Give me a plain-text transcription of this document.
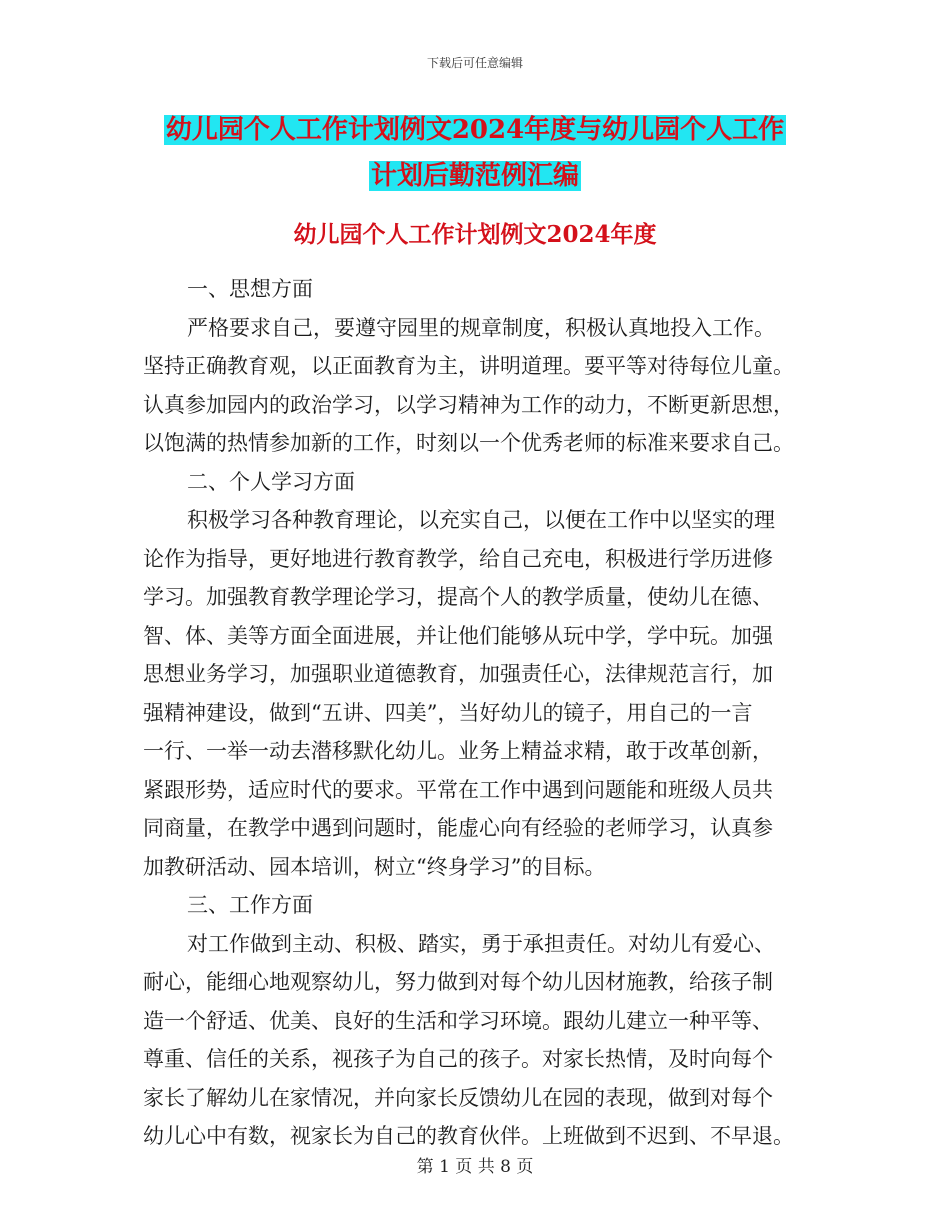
下载后可任意编辑
幼儿园个人工作计划例文2024年度与幼儿园个人工作
计划后勤范例汇编
幼儿园个人工作计划例文2024年度
一、思想方面
严格要求自己，要遵守园里的规章制度，积极认真地投入工作。
坚持正确教育观，以正面教育为主，讲明道理。要平等对待每位儿童。
认真参加园内的政治学习，以学习精神为工作的动力，不断更新思想，
以饱满的热情参加新的工作，时刻以一个优秀老师的标准来要求自己。
二、个人学习方面
积极学习各种教育理论，以充实自己，以便在工作中以坚实的理
论作为指导，更好地进行教育教学，给自己充电，积极进行学历进修
学习。加强教育教学理论学习，提高个人的教学质量，使幼儿在德、
智、体、美等方面全面进展，并让他们能够从玩中学，学中玩。加强
思想业务学习，加强职业道德教育，加强责任心，法律规范言行，加
强精神建设，做到“五讲、四美”，当好幼儿的镜子，用自己的一言
一行、一举一动去潜移默化幼儿。业务上精益求精，敢于改革创新，
紧跟形势，适应时代的要求。平常在工作中遇到问题能和班级人员共
同商量，在教学中遇到问题时，能虚心向有经验的老师学习，认真参
加教研活动、园本培训，树立“终身学习”的目标。
三、工作方面
对工作做到主动、积极、踏实，勇于承担责任。对幼儿有爱心、
耐心，能细心地观察幼儿，努力做到对每个幼儿因材施教，给孩子制
造一个舒适、优美、良好的生活和学习环境。跟幼儿建立一种平等、
尊重、信任的关系，视孩子为自己的孩子。对家长热情，及时向每个
家长了解幼儿在家情况，并向家长反馈幼儿在园的表现，做到对每个
幼儿心中有数，视家长为自己的教育伙伴。上班做到不迟到、不早退。
第 1 页 共 8 页
